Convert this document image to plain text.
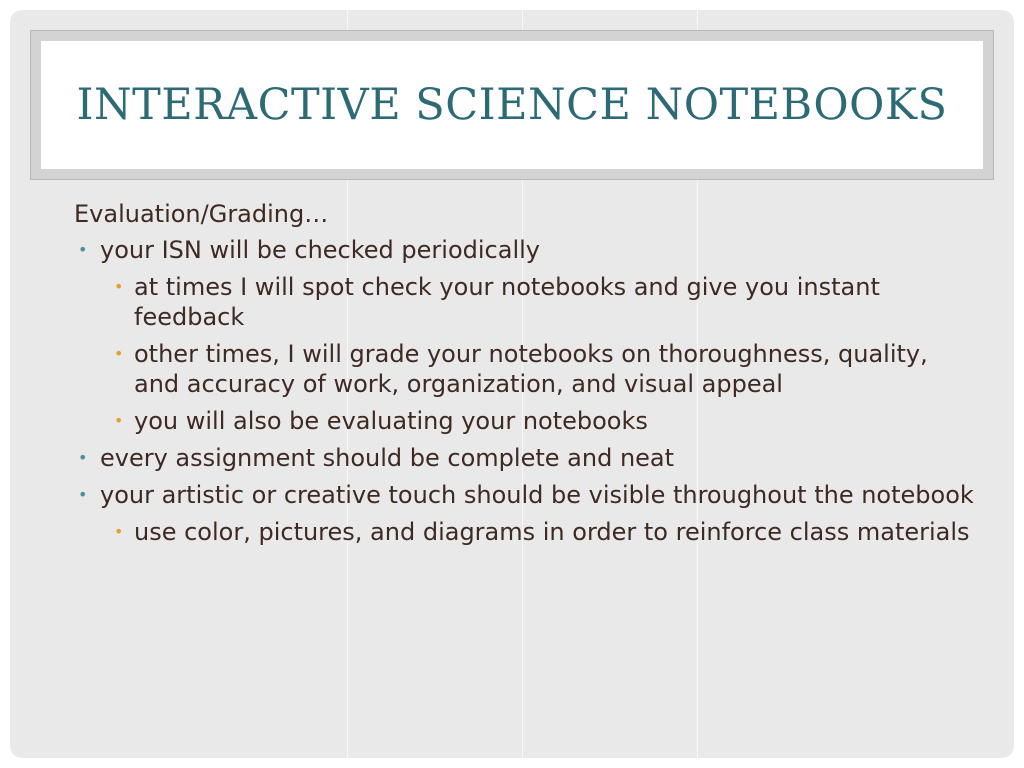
INTERACTIVE SCIENCE NOTEBOOKS

Evaluation/Grading…

• your ISN will be checked periodically
• at times I will spot check your notebooks and give you instant feedback
• other times, I will grade your notebooks on thoroughness, quality, and accuracy of work, organization, and visual appeal
• you will also be evaluating your notebooks
• every assignment should be complete and neat
• your artistic or creative touch should be visible throughout the notebook
• use color, pictures, and diagrams in order to reinforce class materials
